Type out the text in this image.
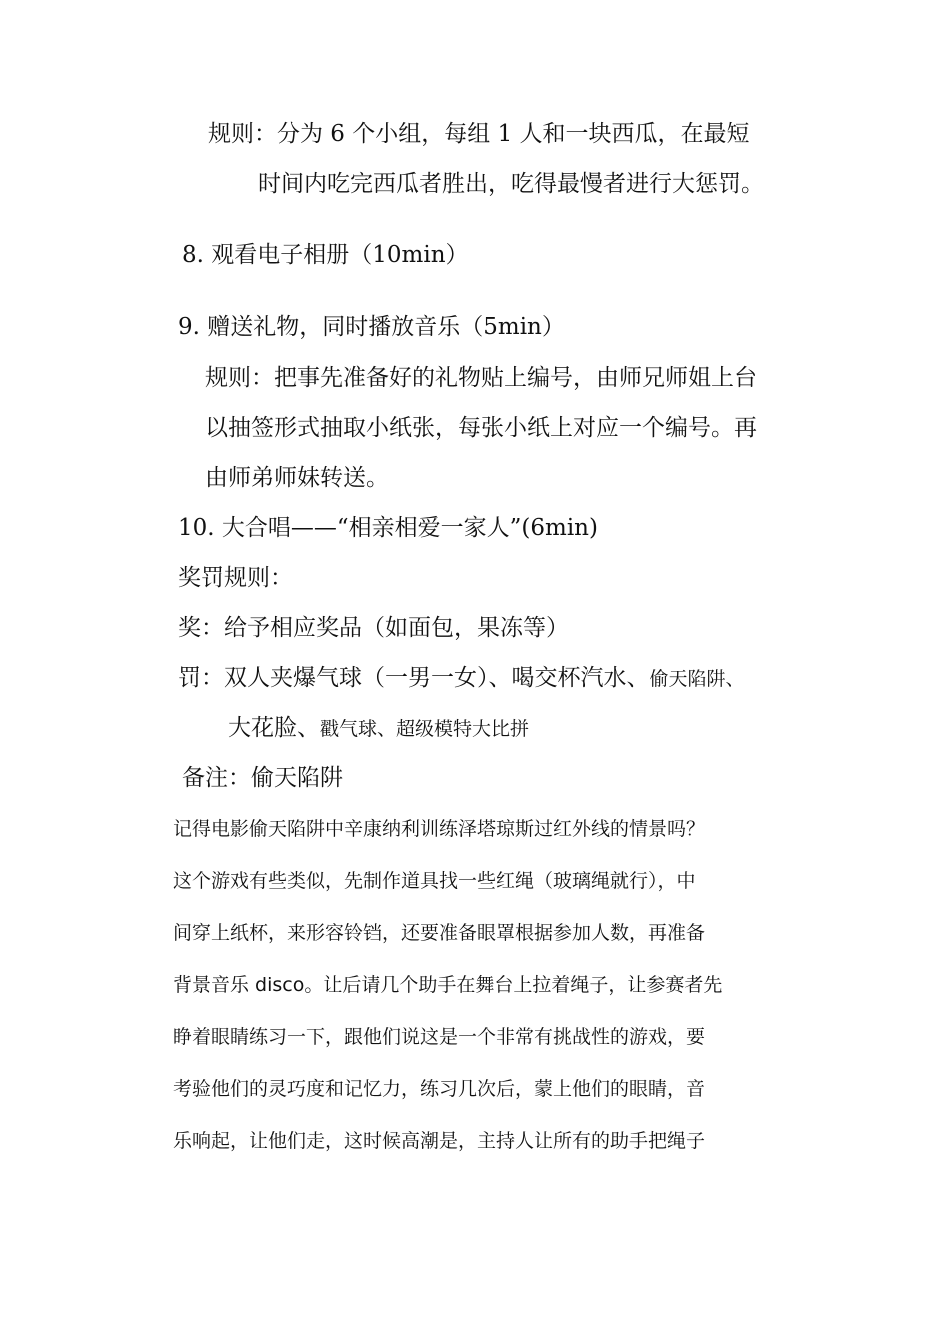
规则：分为 6 个小组，每组 1 人和一块西瓜，在最短
时间内吃完西瓜者胜出，吃得最慢者进行大惩罚。
8. 观看电子相册（10min）
9. 赠送礼物，同时播放音乐（5min）
规则：把事先准备好的礼物贴上编号，由师兄师姐上台
以抽签形式抽取小纸张，每张小纸上对应一个编号。再
由师弟师妹转送。
10. 大合唱——“相亲相爱一家人”(6min)
奖罚规则：
奖：给予相应奖品（如面包，果冻等）
罚：双人夹爆气球（一男一女）、喝交杯汽水、偷天陷阱、
大花脸、戳气球、超级模特大比拼
备注：偷天陷阱
记得电影偷天陷阱中辛康纳利训练泽塔琼斯过红外线的情景吗？
这个游戏有些类似，先制作道具找一些红绳（玻璃绳就行），中
间穿上纸杯，来形容铃铛，还要准备眼罩根据参加人数，再准备
背景音乐 disco。让后请几个助手在舞台上拉着绳子，让参赛者先
睁着眼睛练习一下，跟他们说这是一个非常有挑战性的游戏，要
考验他们的灵巧度和记忆力，练习几次后，蒙上他们的眼睛，音
乐响起，让他们走，这时候高潮是，主持人让所有的助手把绳子
